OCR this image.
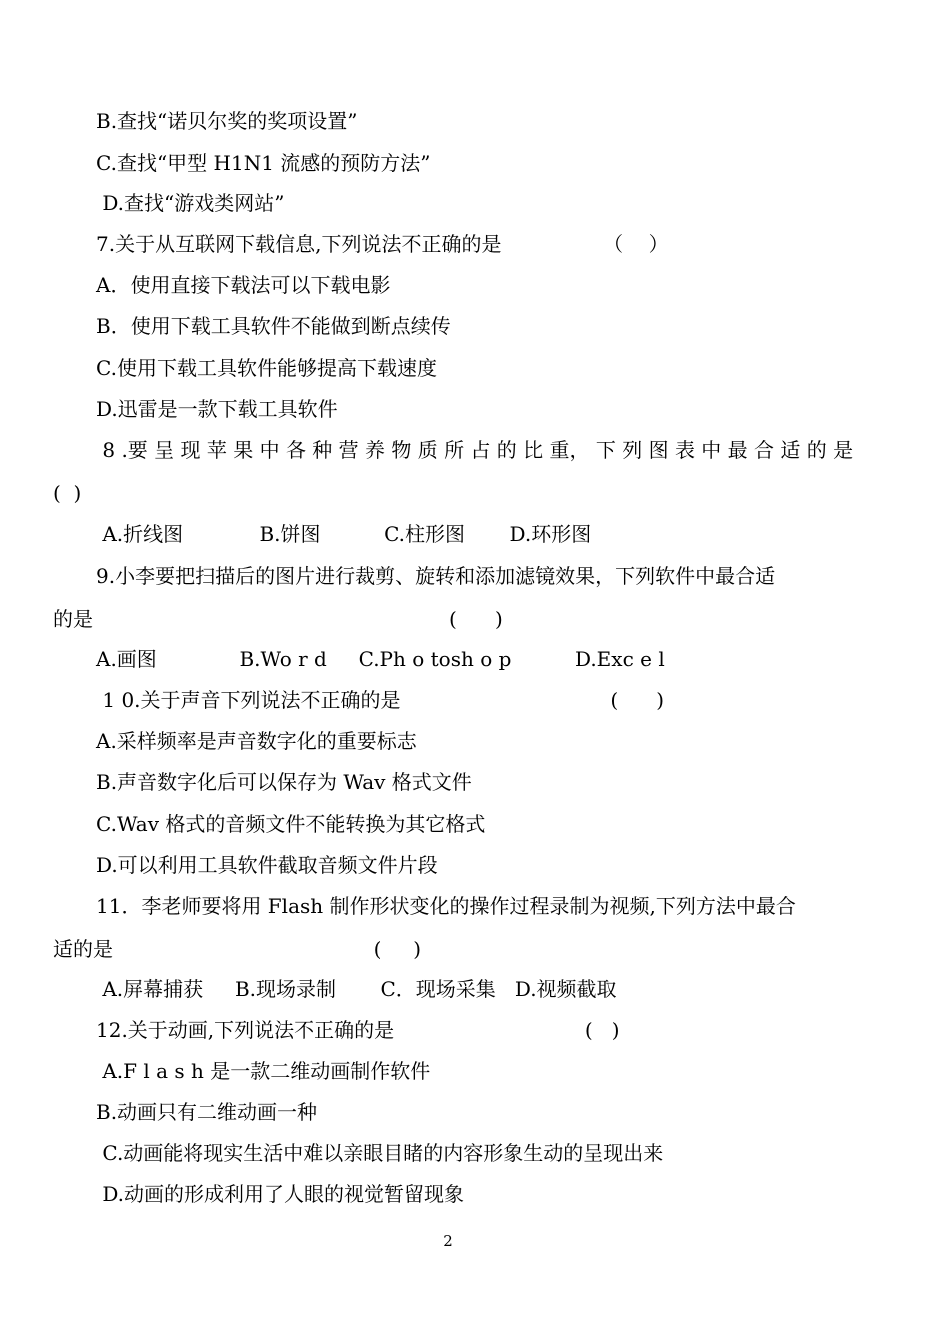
B.查找“诺贝尔奖的奖项设置”
C.查找“甲型 H1N1 流感的预防方法”
D.查找“游戏类网站”
7.关于从互联网下载信息,下列说法不正确的是                （    ）
A．使用直接下载法可以下载电影
B．使用下载工具软件不能做到断点续传
C.使用下载工具软件能够提高下载速度
D.迅雷是一款下载工具软件
8 .要 呈 现 苹 果 中 各 种 营 养 物 质 所 占 的 比 重， 下 列 图 表 中 最 合 适 的 是
(  )
A.折线图            B.饼图          C.柱形图       D.环形图
9.小李要把扫描后的图片进行裁剪、旋转和添加滤镜效果，下列软件中最合适
的是                                                        (      )
A.画图             B.Wo r d     C.Ph o tosh o p          D.Exc e l
1 0.关于声音下列说法不正确的是                                 (      )
A.采样频率是声音数字化的重要标志
B.声音数字化后可以保存为 Wav 格式文件
C.Wav 格式的音频文件不能转换为其它格式
D.可以利用工具软件截取音频文件片段
11．李老师要将用 Flash 制作形状变化的操作过程录制为视频,下列方法中最合
适的是                                         (     )
A.屏幕捕获     B.现场录制       C．现场采集   D.视频截取
12.关于动画,下列说法不正确的是                              (   )
A.F l a s h 是一款二维动画制作软件
B.动画只有二维动画一种
C.动画能将现实生活中难以亲眼目睹的内容形象生动的呈现出来
D.动画的形成利用了人眼的视觉暂留现象
2
